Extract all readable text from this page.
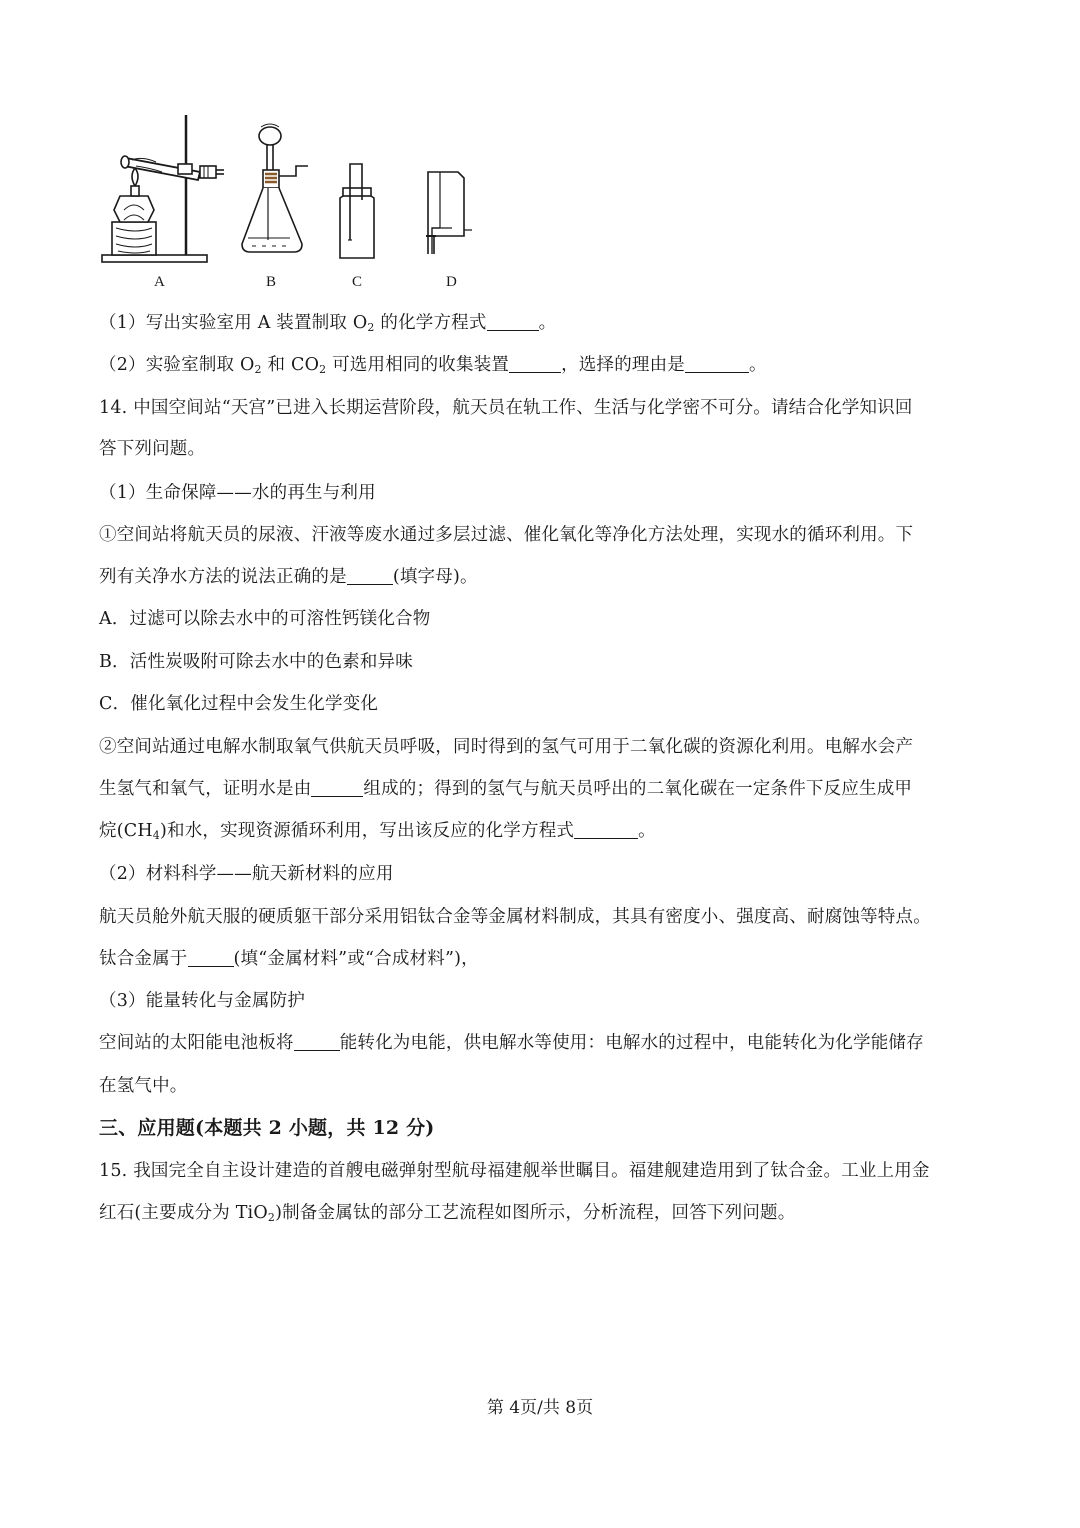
A	B	C	D
（1）写出实验室用 A 装置制取 $O_2$ 的化学方程式	。
（2）实验室制取 $O_2$ 和 $CO_2$ 可选用相同的收集装置	，选择的理由是	。
14. 中国空间站“天宫”已进入长期运营阶段，航天员在轨工作、生活与化学密不可分。请结合化学知识回
答下列问题。
（1）生命保障——水的再生与利用
①空间站将航天员的尿液、汗液等废水通过多层过滤、催化氧化等净化方法处理，实现水的循环利用。下
列有关净水方法的说法正确的是	(填字母)。
A．过滤可以除去水中的可溶性钙镁化合物
B．活性炭吸附可除去水中的色素和异味
C．催化氧化过程中会发生化学变化
②空间站通过电解水制取氧气供航天员呼吸，同时得到的氢气可用于二氧化碳的资源化利用。电解水会产
生氢气和氧气，证明水是由	组成的；得到的氢气与航天员呼出的二氧化碳在一定条件下反应生成甲
烷$(CH_4)$和水，实现资源循环利用，写出该反应的化学方程式	。
（2）材料科学——航天新材料的应用
航天员舱外航天服的硬质躯干部分采用铝钛合金等金属材料制成，其具有密度小、强度高、耐腐蚀等特点。
钛合金属于	(填“金属材料”或“合成材料”)，
（3）能量转化与金属防护
空间站的太阳能电池板将	能转化为电能，供电解水等使用：电解水的过程中，电能转化为化学能储存
在氢气中。
三、应用题(本题共 2 小题，共 12 分)
15. 我国完全自主设计建造的首艘电磁弹射型航母福建舰举世瞩目。福建舰建造用到了钛合金。工业上用金
红石(主要成分为 TiO$_2$)制备金属钛的部分工艺流程如图所示，分析流程，回答下列问题。
第 4页/共 8页
